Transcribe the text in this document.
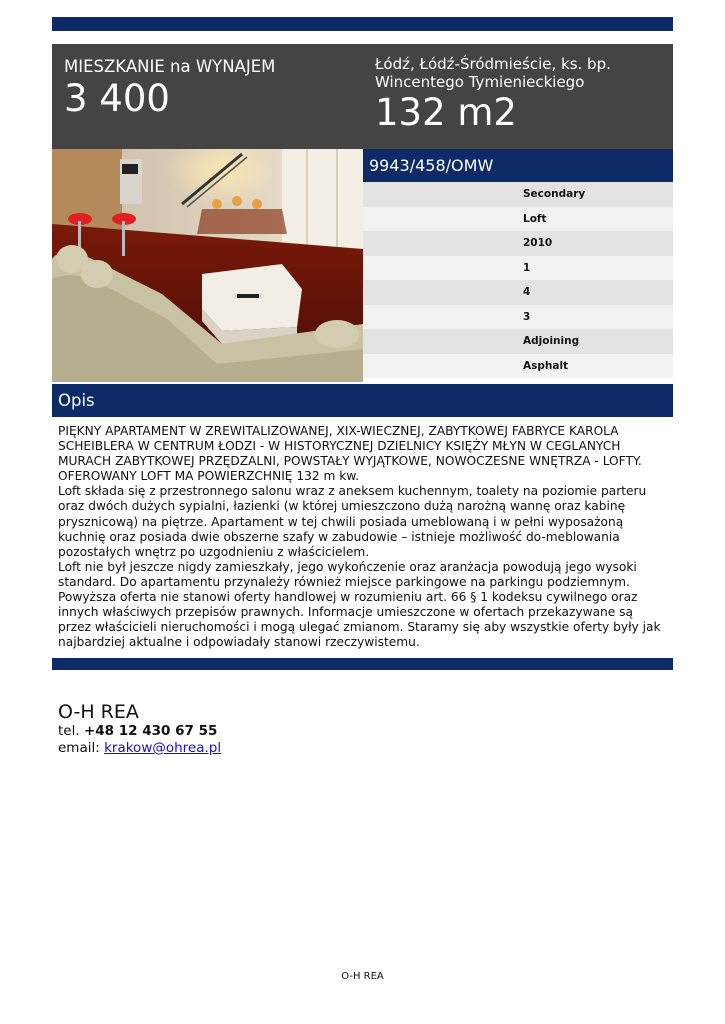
MIESZKANIE na WYNAJEM
3 400
Łódź, Łódź-Śródmieście, ks. bp. Wincentego Tymienieckiego
132 m2
9943/458/OMW
Secondary
Loft
2010
1
4
3
Adjoining
Asphalt
Opis

PIĘKNY APARTAMENT W ZREWITALIZOWANEJ, XIX-WIECZNEJ, ZABYTKOWEJ FABRYCE KAROLA SCHEIBLERA W CENTRUM ŁODZI - W HISTORYCZNEJ DZIELNICY KSIĘŻY MŁYN W CEGLANYCH MURACH ZABYTKOWEJ PRZĘDZALNI, POWSTAŁY WYJĄTKOWE, NOWOCZESNE WNĘTRZA - LOFTY. OFEROWANY LOFT MA POWIERZCHNIĘ 132 m kw.

Loft składa się z przestronnego salonu wraz z aneksem kuchennym, toalety na poziomie parteru oraz dwóch dużych sypialni, łazienki (w której umieszczono dużą narożną wannę oraz kabinę prysznicową) na piętrze. Apartament w tej chwili posiada umeblowaną i w pełni wyposażoną kuchnię oraz posiada dwie obszerne szafy w zabudowie – istnieje możliwość do-meblowania pozostałych wnętrz po uzgodnieniu z właścicielem.

Loft nie był jeszcze nigdy zamieszkały, jego wykończenie oraz aranżacja powodują jego wysoki standard. Do apartamentu przynależy również miejsce parkingowe na parkingu podziemnym.

Powyższa oferta nie stanowi oferty handlowej w rozumieniu art. 66 § 1 kodeksu cywilnego oraz innych właściwych przepisów prawnych. Informacje umieszczone w ofertach przekazywane są przez właścicieli nieruchomości i mogą ulegać zmianom. Staramy się aby wszystkie oferty były jak najbardziej aktualne i odpowiadały stanowi rzeczywistemu.

O-H REA
tel. +48 12 430 67 55
email: krakow@ohrea.pl
O-H REA
